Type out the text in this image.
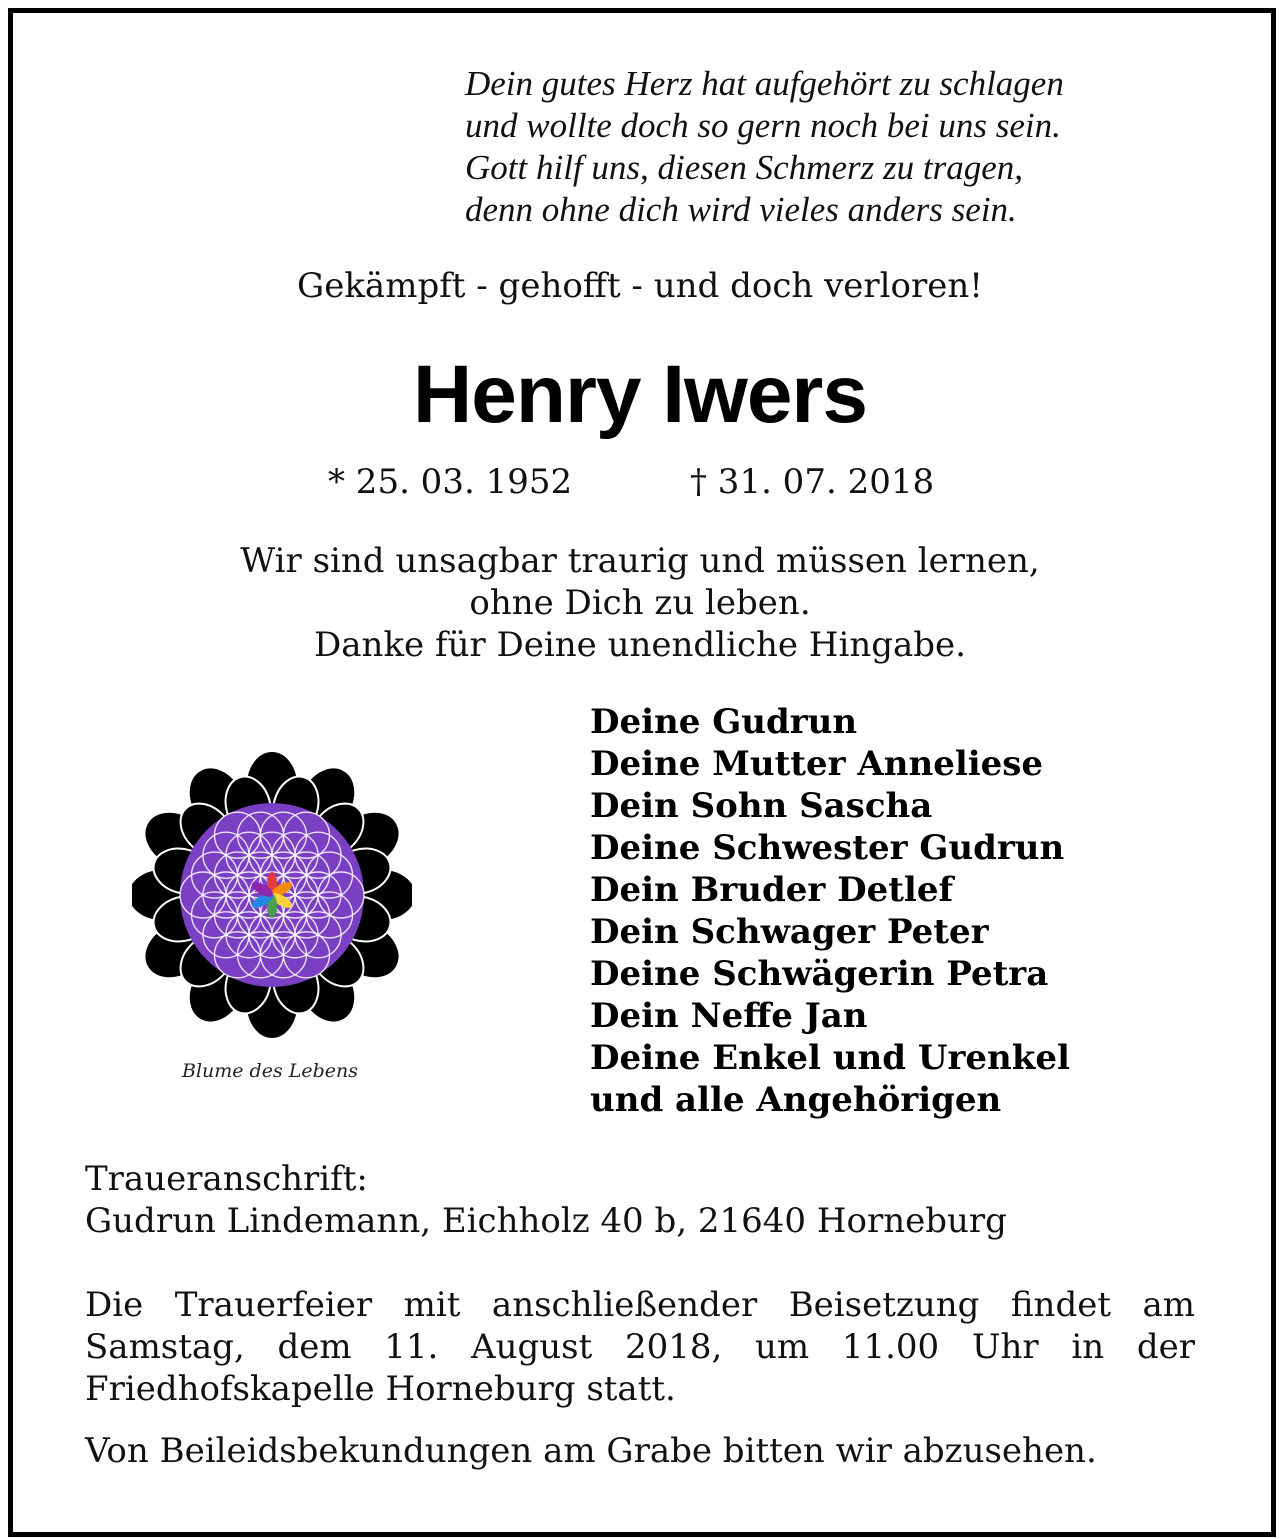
Dein gutes Herz hat aufgehört zu schlagen
und wollte doch so gern noch bei uns sein.
Gott hilf uns, diesen Schmerz zu tragen,
denn ohne dich wird vieles anders sein.
Gekämpft - gehofft - und doch verloren!
Henry Iwers
* 25. 03. 1952	† 31. 07. 2018
Wir sind unsagbar traurig und müssen lernen,
ohne Dich zu leben.
Danke für Deine unendliche Hingabe.
Blume des Lebens
Deine Gudrun
Deine Mutter Anneliese
Dein Sohn Sascha
Deine Schwester Gudrun
Dein Bruder Detlef
Dein Schwager Peter
Deine Schwägerin Petra
Dein Neffe Jan
Deine Enkel und Urenkel
und alle Angehörigen
Traueranschrift:
Gudrun Lindemann, Eichholz 40 b, 21640 Horneburg
Die Trauerfeier mit anschließender Beisetzung findet am Samstag, dem 11. August 2018, um 11.00 Uhr in der Friedhofskapelle Horneburg statt.
Von Beileidsbekundungen am Grabe bitten wir abzusehen.
